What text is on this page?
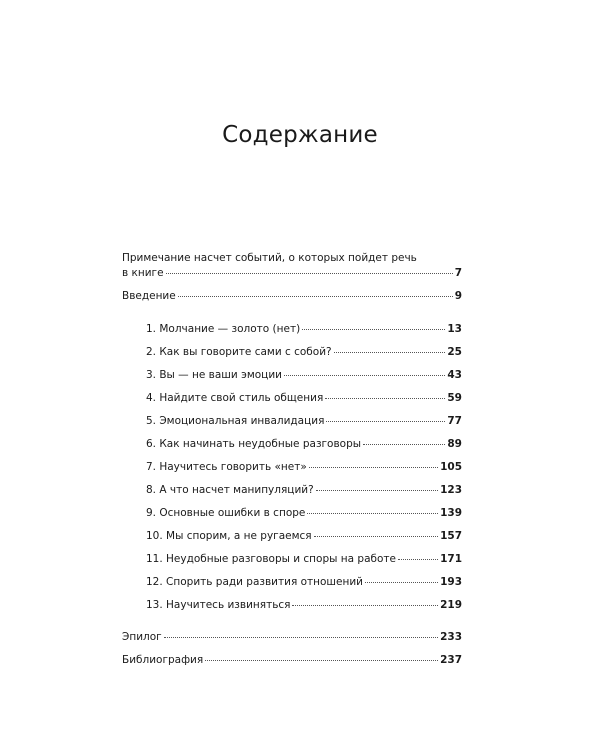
Содержание
Примечание насчет событий, о которых пойдет речь
в книге	7
Введение	9
1. Молчание — золото (нет)	13
2. Как вы говорите сами с собой?	25
3. Вы — не ваши эмоции	43
4. Найдите свой стиль общения	59
5. Эмоциональная инвалидация	77
6. Как начинать неудобные разговоры	89
7. Научитесь говорить «нет»	105
8. А что насчет манипуляций?	123
9. Основные ошибки в споре	139
10. Мы спорим, а не ругаемся	157
11. Неудобные разговоры и споры на работе	171
12. Спорить ради развития отношений	193
13. Научитесь извиняться	219
Эпилог	233
Библиография	237
